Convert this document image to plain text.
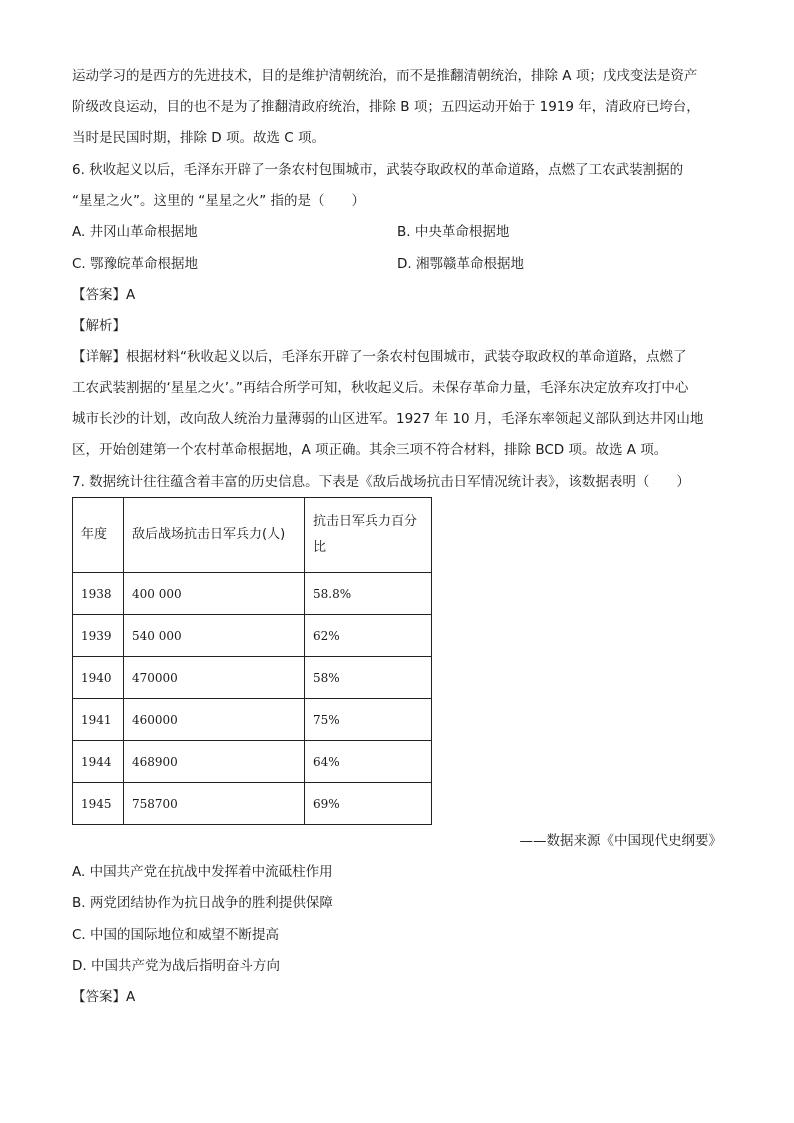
运动学习的是西方的先进技术，目的是维护清朝统治，而不是推翻清朝统治，排除 A 项；戊戌变法是资产
阶级改良运动，目的也不是为了推翻清政府统治，排除 B 项；五四运动开始于 1919 年，清政府已垮台，
当时是民国时期，排除 D 项。故选 C 项。
6. 秋收起义以后，毛泽东开辟了一条农村包围城市，武装夺取政权的革命道路，点燃了工农武装割据的
“星星之火”。这里的 “星星之火” 指的是（　　）
A. 井冈山革命根据地	B. 中央革命根据地
C. 鄂豫皖革命根据地	D. 湘鄂赣革命根据地
【答案】A
【解析】
【详解】根据材料“秋收起义以后，毛泽东开辟了一条农村包围城市，武装夺取政权的革命道路，点燃了
工农武装割据的‘星星之火’。”再结合所学可知，秋收起义后。未保存革命力量，毛泽东决定放弃攻打中心
城市长沙的计划，改向敌人统治力量薄弱的山区进军。1927 年 10 月，毛泽东率领起义部队到达井冈山地
区，开始创建第一个农村革命根据地，A 项正确。其余三项不符合材料，排除 BCD 项。故选 A 项。
7. 数据统计往往蕴含着丰富的历史信息。下表是《敌后战场抗击日军情况统计表》，该数据表明（　　）
年度	敌后战场抗击日军兵力(人)	抗击日军兵力百分比
1938	400 000	58.8%
1939	540 000	62%
1940	470000	58%
1941	460000	75%
1944	468900	64%
1945	758700	69%
——数据来源《中国现代史纲要》
A. 中国共产党在抗战中发挥着中流砥柱作用
B. 两党团结协作为抗日战争的胜利提供保障
C. 中国的国际地位和威望不断提高
D. 中国共产党为战后指明奋斗方向
【答案】A
